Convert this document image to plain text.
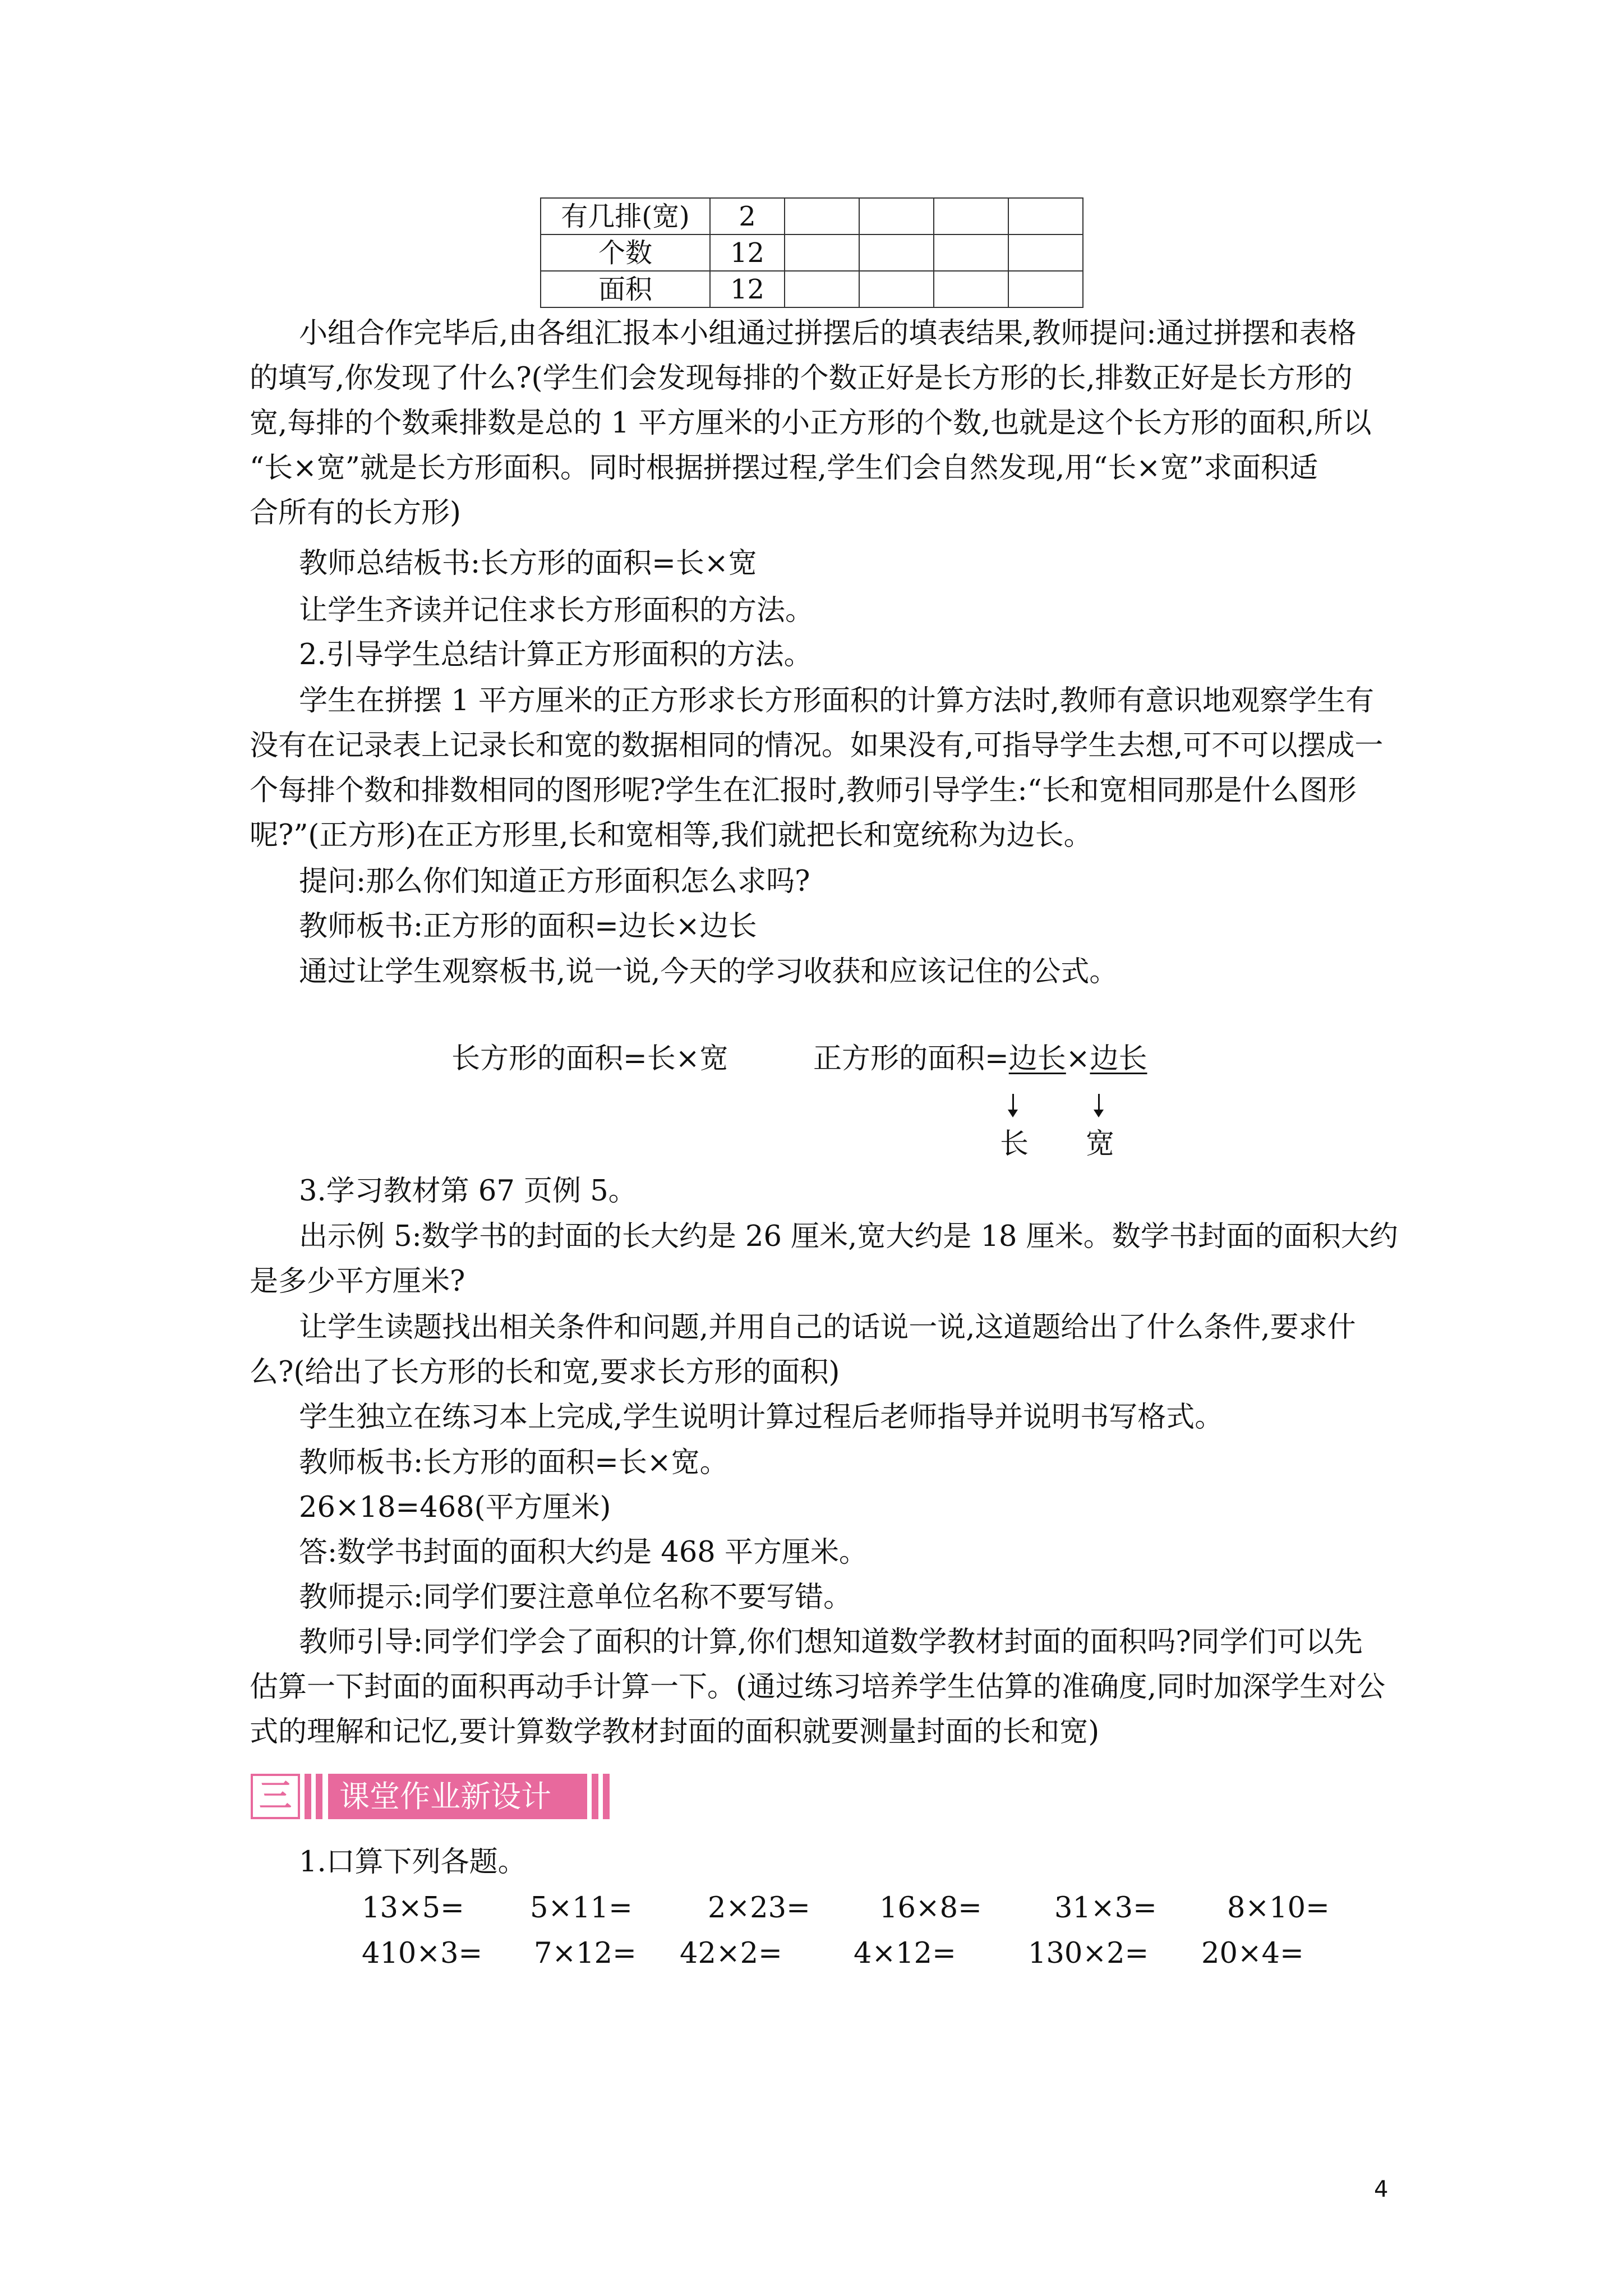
有几排(宽)	2				
个数	12				
面积	12				
小组合作完毕后,由各组汇报本小组通过拼摆后的填表结果,教师提问:通过拼摆和表格
的填写,你发现了什么?(学生们会发现每排的个数正好是长方形的长,排数正好是长方形的
宽,每排的个数乘排数是总的 1 平方厘米的小正方形的个数,也就是这个长方形的面积,所以
“长×宽”就是长方形面积。同时根据拼摆过程,学生们会自然发现,用“长×宽”求面积适
合所有的长方形)
教师总结板书:长方形的面积=长×宽
让学生齐读并记住求长方形面积的方法。
2.引导学生总结计算正方形面积的方法。
学生在拼摆 1 平方厘米的正方形求长方形面积的计算方法时,教师有意识地观察学生有
没有在记录表上记录长和宽的数据相同的情况。如果没有,可指导学生去想,可不可以摆成一
个每排个数和排数相同的图形呢?学生在汇报时,教师引导学生:“长和宽相同那是什么图形
呢?”(正方形)在正方形里,长和宽相等,我们就把长和宽统称为边长。
提问:那么你们知道正方形面积怎么求吗?
教师板书:正方形的面积=边长×边长
通过让学生观察板书,说一说,今天的学习收获和应该记住的公式。
长方形的面积=长×宽	正方形的面积=边长×边长
长 宽
3.学习教材第 67 页例 5。
出示例 5:数学书的封面的长大约是 26 厘米,宽大约是 18 厘米。数学书封面的面积大约
是多少平方厘米?
让学生读题找出相关条件和问题,并用自己的话说一说,这道题给出了什么条件,要求什
么?(给出了长方形的长和宽,要求长方形的面积)
学生独立在练习本上完成,学生说明计算过程后老师指导并说明书写格式。
教师板书:长方形的面积=长×宽。
26×18=468(平方厘米)
答:数学书封面的面积大约是 468 平方厘米。
教师提示:同学们要注意单位名称不要写错。
教师引导:同学们学会了面积的计算,你们想知道数学教材封面的面积吗?同学们可以先
估算一下封面的面积再动手计算一下。(通过练习培养学生估算的准确度,同时加深学生对公
式的理解和记忆,要计算数学教材封面的面积就要测量封面的长和宽)
三	课堂作业新设计
1.口算下列各题。
13×5= 5×11=	2×23= 16×8=	31×3= 8×10=
410×3= 7×12= 42×2= 4×12=	130×2= 20×4=
4
